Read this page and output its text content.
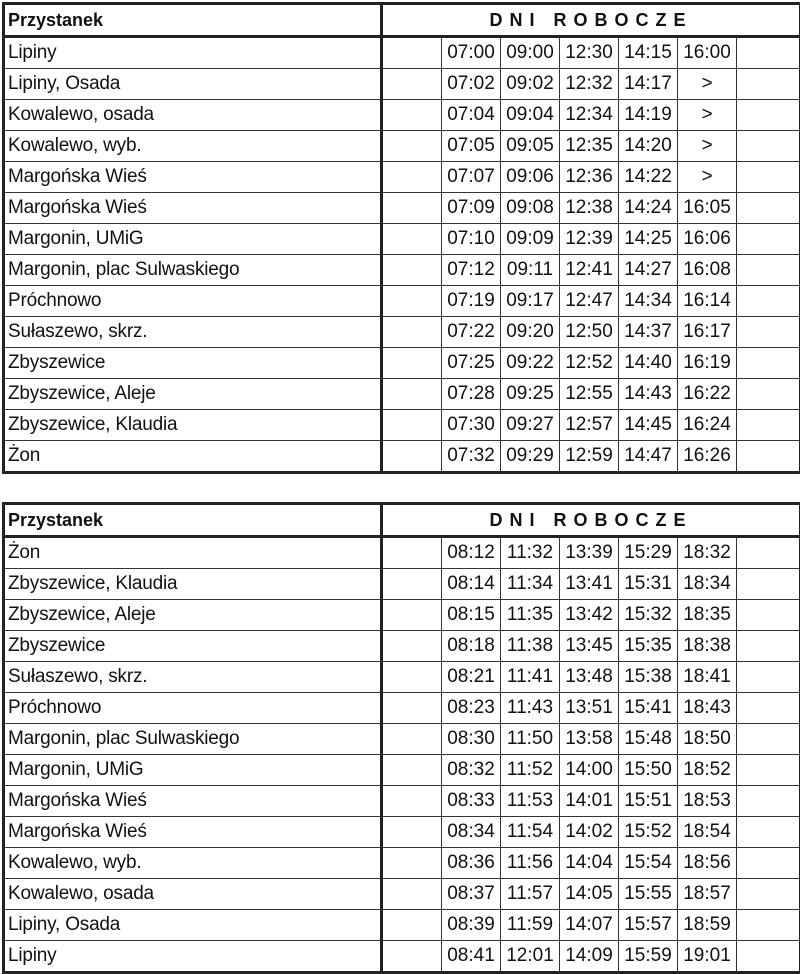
Przystanek	DNI ROBOCZE						
Lipiny		07:00	09:00	12:30	14:15	16:00	
Lipiny, Osada		07:02	09:02	12:32	14:17	>	
Kowalewo, osada		07:04	09:04	12:34	14:19	>	
Kowalewo, wyb.		07:05	09:05	12:35	14:20	>	
Margońska Wieś		07:07	09:06	12:36	14:22	>	
Margońska Wieś		07:09	09:08	12:38	14:24	16:05	
Margonin, UMiG		07:10	09:09	12:39	14:25	16:06	
Margonin, plac Sulwaskiego		07:12	09:11	12:41	14:27	16:08	
Próchnowo		07:19	09:17	12:47	14:34	16:14	
Sułaszewo, skrz.		07:22	09:20	12:50	14:37	16:17	
Zbyszewice		07:25	09:22	12:52	14:40	16:19	
Zbyszewice, Aleje		07:28	09:25	12:55	14:43	16:22	
Zbyszewice, Klaudia		07:30	09:27	12:57	14:45	16:24	
Żon		07:32	09:29	12:59	14:47	16:26	
Przystanek	DNI ROBOCZE						
Żon		08:12	11:32	13:39	15:29	18:32	
Zbyszewice, Klaudia		08:14	11:34	13:41	15:31	18:34	
Zbyszewice, Aleje		08:15	11:35	13:42	15:32	18:35	
Zbyszewice		08:18	11:38	13:45	15:35	18:38	
Sułaszewo, skrz.		08:21	11:41	13:48	15:38	18:41	
Próchnowo		08:23	11:43	13:51	15:41	18:43	
Margonin, plac Sulwaskiego		08:30	11:50	13:58	15:48	18:50	
Margonin, UMiG		08:32	11:52	14:00	15:50	18:52	
Margońska Wieś		08:33	11:53	14:01	15:51	18:53	
Margońska Wieś		08:34	11:54	14:02	15:52	18:54	
Kowalewo, wyb.		08:36	11:56	14:04	15:54	18:56	
Kowalewo, osada		08:37	11:57	14:05	15:55	18:57	
Lipiny, Osada		08:39	11:59	14:07	15:57	18:59	
Lipiny		08:41	12:01	14:09	15:59	19:01	
